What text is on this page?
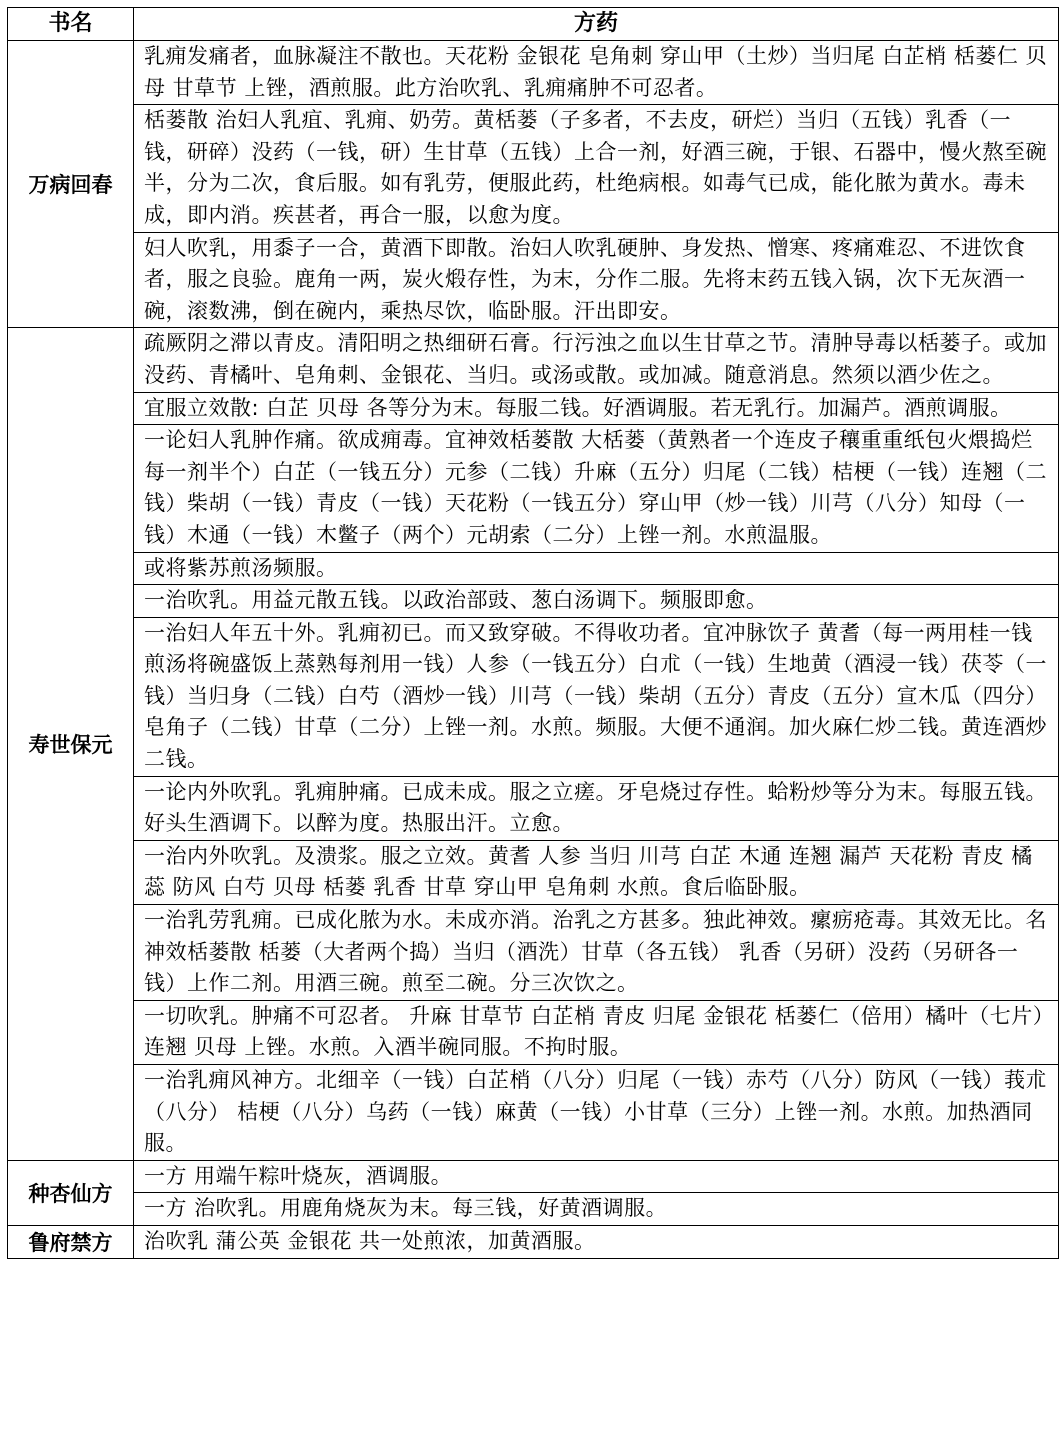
书名	方药
万病回春	乳痈发痛者，血脉凝注不散也。天花粉 金银花 皂角刺 穿山甲（土炒）当归尾 白芷梢 栝蒌仁 贝母 甘草节 上锉，酒煎服。此方治吹乳、乳痈痛肿不可忍者。
	栝蒌散 治妇人乳疽、乳痈、奶劳。黄栝蒌（子多者，不去皮，研烂）当归（五钱）乳香（一钱，研碎）没药（一钱，研）生甘草（五钱）上合一剂，好酒三碗，于银、石器中，慢火熬至碗半，分为二次，食后服。如有乳劳，便服此药，杜绝病根。如毒气已成，能化脓为黄水。毒未成，即内消。疾甚者，再合一服，以愈为度。
	妇人吹乳，用黍子一合，黄酒下即散。治妇人吹乳硬肿、身发热、憎寒、疼痛难忍、不进饮食者，服之良验。鹿角一两，炭火煅存性，为末，分作二服。先将末药五钱入锅，次下无灰酒一碗，滚数沸，倒在碗内，乘热尽饮，临卧服。汗出即安。
寿世保元	疏厥阴之滞以青皮。清阳明之热细研石膏。行污浊之血以生甘草之节。清肿导毒以栝蒌子。或加没药、青橘叶、皂角刺、金银花、当归。或汤或散。或加减。随意消息。然须以酒少佐之。
	宜服立效散: 白芷 贝母 各等分为末。每服二钱。好酒调服。若无乳行。加漏芦。酒煎调服。
	一论妇人乳肿作痛。欲成痈毒。宜神效栝蒌散 大栝蒌（黄熟者一个连皮子穰重重纸包火煨捣烂每一剂半个）白芷（一钱五分）元参（二钱）升麻（五分）归尾（二钱）桔梗（一钱）连翘（二钱）柴胡（一钱）青皮（一钱）天花粉（一钱五分）穿山甲（炒一钱）川芎（八分）知母（一钱）木通（一钱）木鳖子（两个）元胡索（二分）上锉一剂。水煎温服。
	或将紫苏煎汤频服。
	一治吹乳。用益元散五钱。以政治部豉、葱白汤调下。频服即愈。
	一治妇人年五十外。乳痈初已。而又致穿破。不得收功者。宜冲脉饮子 黄耆（每一两用桂一钱煎汤将碗盛饭上蒸熟每剂用一钱）人参（一钱五分）白朮（一钱）生地黄（酒浸一钱）茯苓（一钱）当归身（二钱）白芍（酒炒一钱）川芎（一钱）柴胡（五分）青皮（五分）宣木瓜（四分）皂角子（二钱）甘草（二分）上锉一剂。水煎。频服。大便不通润。加火麻仁炒二钱。黄连酒炒二钱。
	一论内外吹乳。乳痈肿痛。已成未成。服之立瘥。牙皂烧过存性。蛤粉炒等分为末。每服五钱。好头生酒调下。以醉为度。热服出汗。立愈。
	一治内外吹乳。及溃浆。服之立效。黄耆 人参 当归 川芎 白芷 木通 连翘 漏芦 天花粉 青皮 橘蕊 防风 白芍 贝母 栝蒌 乳香 甘草 穿山甲 皂角刺 水煎。食后临卧服。
	一治乳劳乳痈。已成化脓为水。未成亦消。治乳之方甚多。独此神效。瘰疬疮毒。其效无比。名神效栝蒌散 栝蒌（大者两个捣）当归（酒洗）甘草（各五钱） 乳香（另研）没药（另研各一钱）上作二剂。用酒三碗。煎至二碗。分三次饮之。
	一切吹乳。肿痛不可忍者。 升麻 甘草节 白芷梢 青皮 归尾 金银花 栝蒌仁（倍用）橘叶（七片）连翘 贝母 上锉。水煎。入酒半碗同服。不拘时服。
	一治乳痈风神方。北细辛（一钱）白芷梢（八分）归尾（一钱）赤芍（八分）防风（一钱）莪朮（八分） 桔梗（八分）乌药（一钱）麻黄（一钱）小甘草（三分）上锉一剂。水煎。加热酒同服。
种杏仙方	一方 用端午粽叶烧灰，酒调服。
	一方 治吹乳。用鹿角烧灰为末。每三钱，好黄酒调服。
鲁府禁方	治吹乳 蒲公英 金银花 共一处煎浓，加黄酒服。
